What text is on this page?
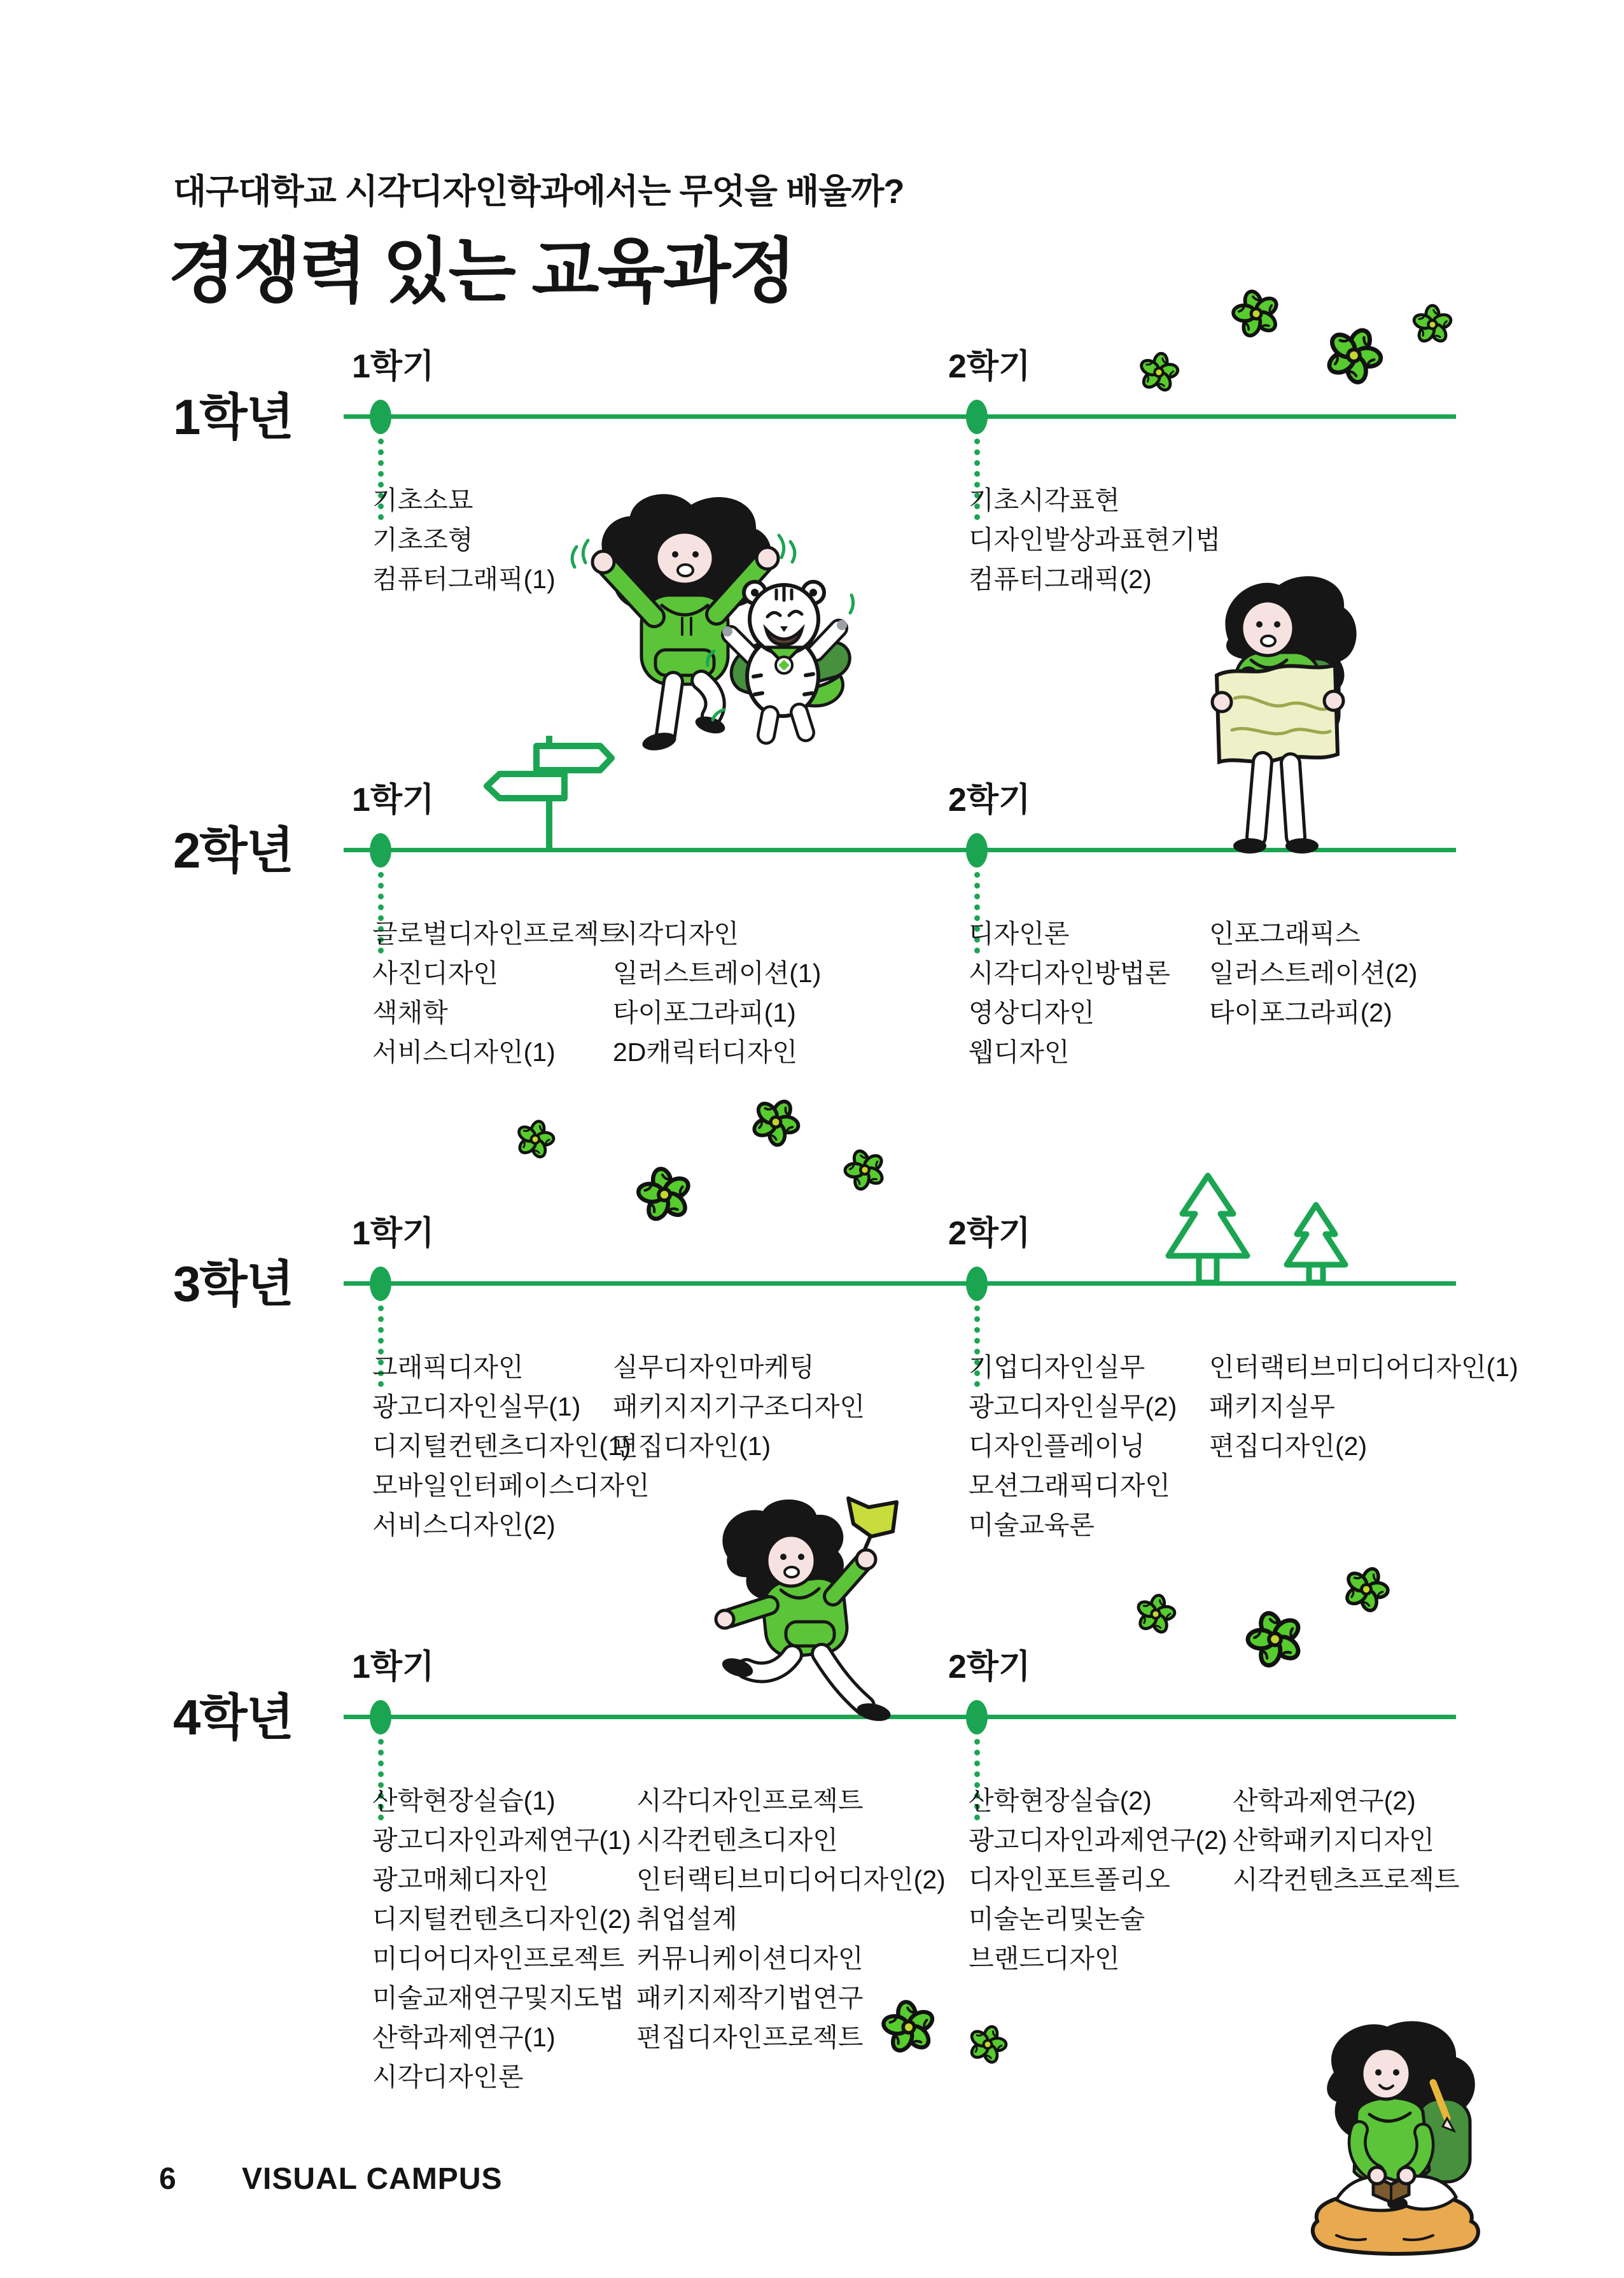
대구대학교 시각디자인학과에서는 무엇을 배울까?
경쟁력 있는 교육과정
1학년
1학기
기초소묘
기초조형
컴퓨터그래픽(1)
2학기
기초시각표현
디자인발상과표현기법
컴퓨터그래픽(2)
2학년
1학기
글로벌디자인프로젝트
사진디자인
색채학
서비스디자인(1)
시각디자인
일러스트레이션(1)
타이포그라피(1)
2D캐릭터디자인
2학기
디자인론
시각디자인방법론
영상디자인
웹디자인
인포그래픽스
일러스트레이션(2)
타이포그라피(2)
3학년
1학기
그래픽디자인
광고디자인실무(1)
디지털컨텐츠디자인(1)
모바일인터페이스디자인
서비스디자인(2)
실무디자인마케팅
패키지지기구조디자인
편집디자인(1)
2학기
기업디자인실무
광고디자인실무(2)
디자인플레이닝
모션그래픽디자인
미술교육론
인터랙티브미디어디자인(1)
패키지실무
편집디자인(2)
4학년
1학기
산학현장실습(1)
광고디자인과제연구(1)
광고매체디자인
디지털컨텐츠디자인(2)
미디어디자인프로젝트
미술교재연구및지도법
산학과제연구(1)
시각디자인론
시각디자인프로젝트
시각컨텐츠디자인
인터랙티브미디어디자인(2)
취업설계
커뮤니케이션디자인
패키지제작기법연구
편집디자인프로젝트
2학기
산학현장실습(2)
광고디자인과제연구(2)
디자인포트폴리오
미술논리및논술
브랜드디자인
산학과제연구(2)
산학패키지디자인
시각컨텐츠프로젝트
6 VISUAL CAMPUS
